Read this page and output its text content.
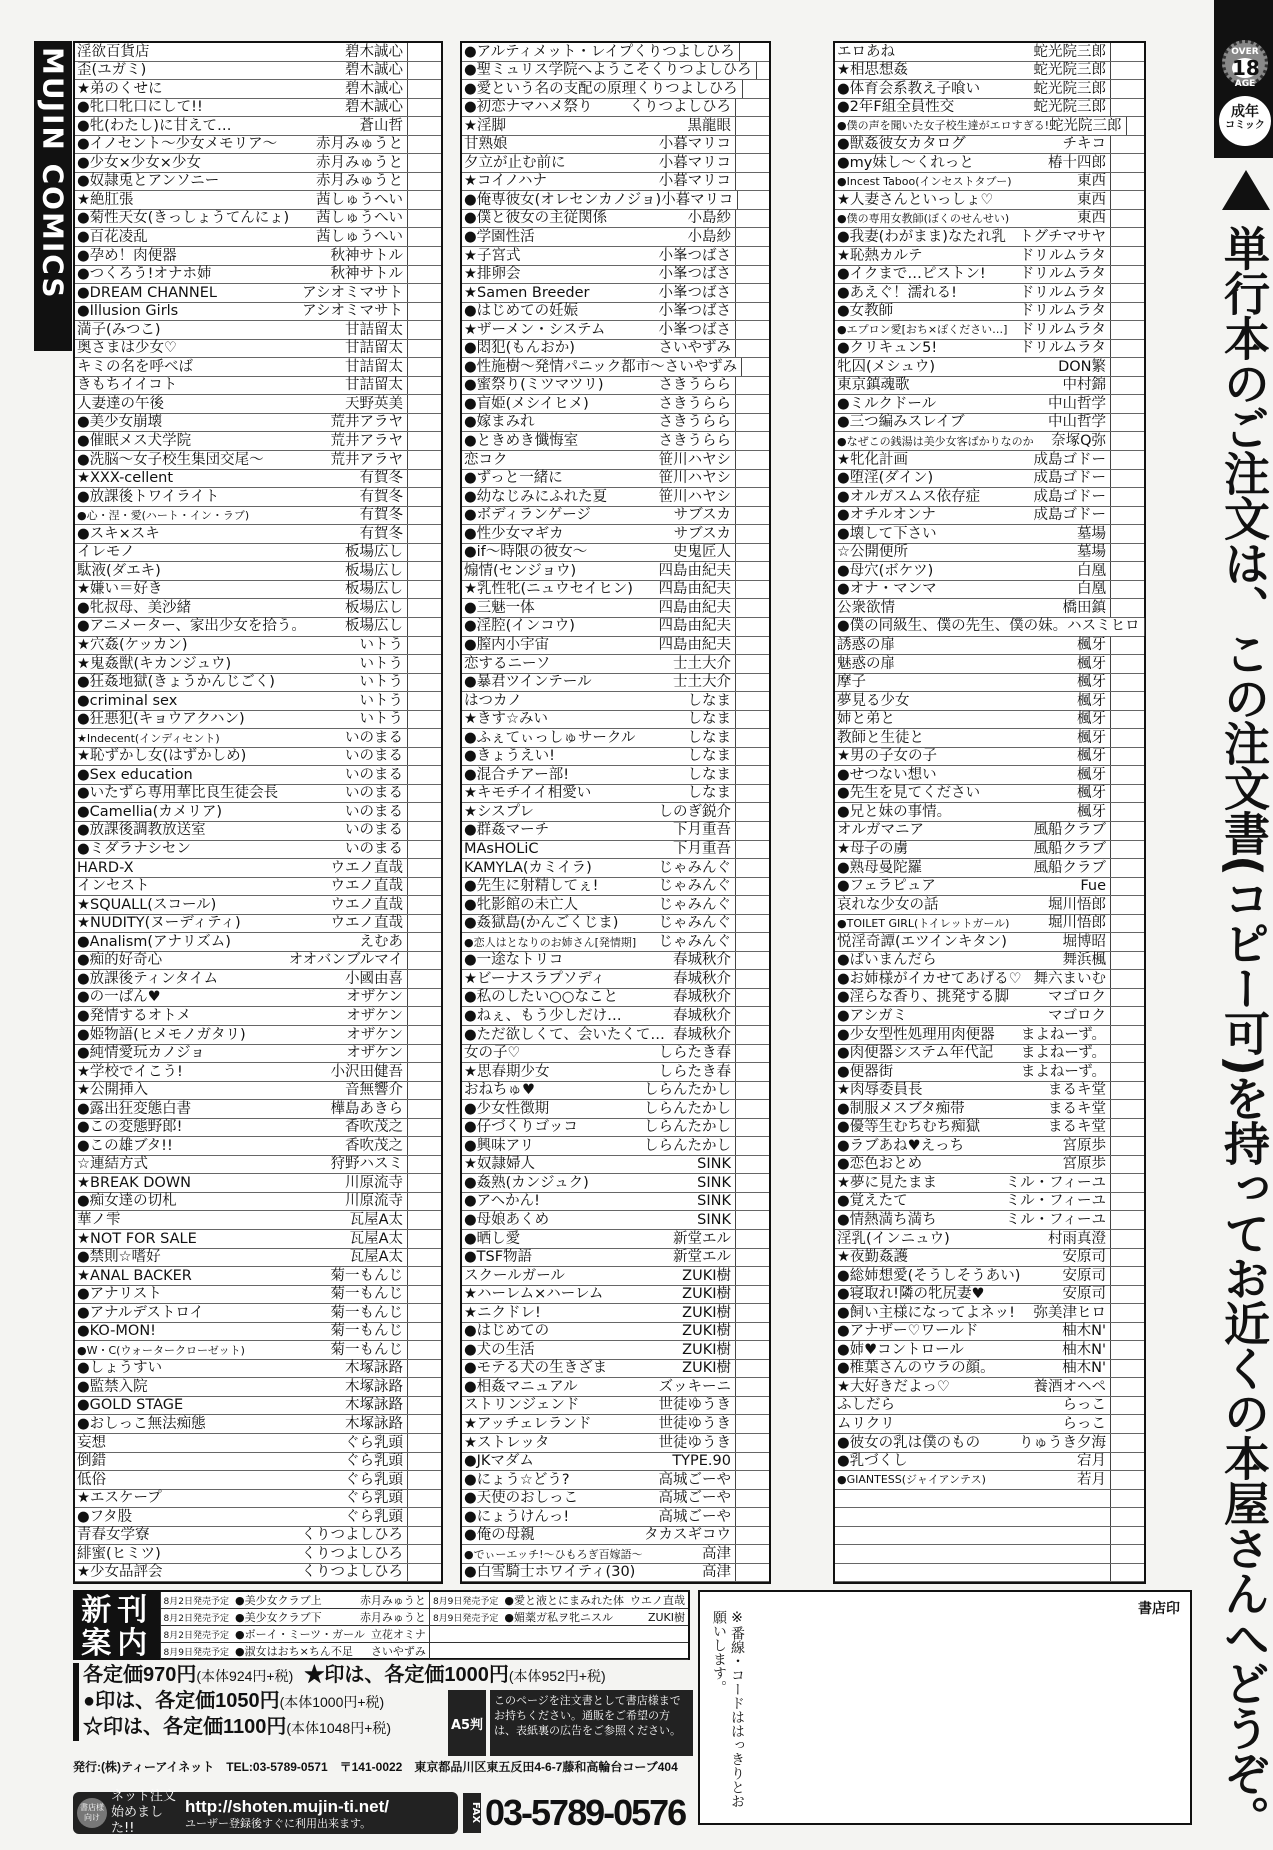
MUJIN COMICS 淫欲百貨店	碧木誠心
歪(ユガミ)	碧木誠心
★弟のくせに	碧木誠心
●牝口牝口にして!!	碧木誠心
●牝(わたし)に甘えて…	蒼山哲
●イノセント～少女メモリア～	赤月みゅうと
●少女×少女×少女	赤月みゅうと
●奴隷兎とアンソニー	赤月みゅうと
★絶肛張	茜しゅうへい
●菊性天女(きっしょうてんにょ)	茜しゅうへい
●百花凌乱	茜しゅうへい
●孕め！肉便器	秋神サトル
●つくろう!オナホ姉	秋神サトル
●DREAM CHANNEL	アシオミマサト
●Illusion Girls	アシオミマサト
満子(みつこ)	甘詰留太
奥さまは少女♡	甘詰留太
キミの名を呼べば	甘詰留太
きもちイイコト	甘詰留太
人妻達の午後	天野英美
●美少女崩壊	荒井アラヤ
●催眠メス犬学院	荒井アラヤ
●洗脳～女子校生集団交尾～	荒井アラヤ
★XXX-cellent	有賀冬
●放課後トワイライト	有賀冬
●心・涅・愛(ハート・イン・ラブ)	有賀冬
●スキ×スキ	有賀冬
イレモノ	板場広し
駄液(ダエキ)	板場広し
★嫌い＝好き	板場広し
●牝叔母、美沙緒	板場広し
●アニメーター、家出少女を拾う。	板場広し
★穴姦(ケッカン)	いトう
★鬼姦獣(キカンジュウ)	いトう
●狂姦地獄(きょうかんじごく)	いトう
●criminal sex	いトう
●狂悪犯(キョウアクハン)	いトう
★Indecent(インディセント)	いのまる
★恥ずかし女(はずかしめ)	いのまる
●Sex education	いのまる
●いたずら専用華比良生徒会長	いのまる
●Camellia(カメリア)	いのまる
●放課後調教放送室	いのまる
●ミダラナシセン	いのまる
HARD-X	ウエノ直哉
インセスト	ウエノ直哉
★SQUALL(スコール)	ウエノ直哉
★NUDITY(ヌーディティ)	ウエノ直哉
●Analism(アナリズム)	えむあ
●痴的好奇心	オオバンブルマイ
●放課後ティンタイム	小國由喜
●の一ぱん♥	オザケン
●発情するオトメ	オザケン
●姫物語(ヒメモノガタリ)	オザケン
●純情愛玩カノジョ	オザケン
★学校でイこう!	小沢田健吾
★公開挿入	音無響介
●露出狂変態白書	樺島あきら
●この変態野郎!	香吹茂之
●この雄ブタ!!	香吹茂之
☆連結方式	狩野ハスミ
★BREAK DOWN	川原流寺
●痴女達の切札	川原流寺
華ノ雫	瓦屋A太
★NOT FOR SALE	瓦屋A太
●禁則☆嗜好	瓦屋A太
★ANAL BACKER	菊一もんじ
●アナリスト	菊一もんじ
●アナルデストロイ	菊一もんじ
●KO-MON!	菊一もんじ
●W・C(ウォータークローゼット)	菊一もんじ
●しょうすい	木塚詠路
●監禁入院	木塚詠路
●GOLD STAGE	木塚詠路
●おしっこ無法痴態	木塚詠路
妄想	ぐら乳頭
倒錯	ぐら乳頭
低俗	ぐら乳頭
★エスケープ	ぐら乳頭
●フタ股	ぐら乳頭
青春女学寮	くりつよしひろ
緋蜜(ヒミツ)	くりつよしひろ
★少女品評会	くりつよしひろ
●アルティメット・レイプ くりつよしひろ
●聖ミュリス学院へようこそ くりつよしひろ
●愛という名の支配の原理 くりつよしひろ
●初恋ナマハメ祭り	くりつよしひろ
★淫脚	黒龍眼
甘熟娘	小暮マリコ
夕立が止む前に	小暮マリコ
★コイノハナ	小暮マリコ
●俺専彼女(オレセンカノジョ) 小暮マリコ
●僕と彼女の主従関係	小島紗
●学園性活	小島紗
★子宮式	小峯つばさ
★排卵会	小峯つばさ
★Samen Breeder	小峯つばさ
●はじめての妊娠	小峯つばさ
★ザーメン・システム	小峯つばさ
●悶犯(もんおか)	さいやずみ
●性施樹～発情パニック都市～ さいやずみ
●蜜祭り(ミツマツリ)	さきうらら
●盲姫(メシイヒメ)	さきうらら
●嫁まみれ	さきうらら
●ときめき懺悔室	さきうらら
恋コク	笹川ハヤシ
●ずっと一緒に	笹川ハヤシ
●幼なじみにふれた夏	笹川ハヤシ
●ボディランゲージ	サブスカ
●性少女マギカ	サブスカ
●if～時限の彼女～	史鬼匠人
煽情(センジョウ)	四島由紀夫
★乳性牝(ニュウセイヒン)	四島由紀夫
●三魅一体	四島由紀夫
●淫腔(インコウ)	四島由紀夫
●膣内小宇宙	四島由紀夫
恋するニーソ	士土大介
●暴君ツインテール	士土大介
はつカノ	しなま
★きす☆みい	しなま
●ふぇてぃっしゅサークル	しなま
●きょうえい!	しなま
●混合チアー部!	しなま
★キモチイイ相愛い	しなま
★シスプレ	しのぎ鋭介
●群姦マーチ	下月重吾
MAsHOLiC	下月重吾
KAMYLA(カミイラ)	じゃみんぐ
●先生に射精してぇ!	じゃみんぐ
●牝影館の未亡人	じゃみんぐ
●姦獄島(かんごくじま)	じゃみんぐ
●恋人はとなりのお姉さん[発情期]	じゃみんぐ
●一途なトリコ	春城秋介
★ビーナスラプソディ	春城秋介
●私のしたい○○なこと	春城秋介
●ねぇ、もう少しだけ…	春城秋介
●ただ欲しくて、会いたくて… 春城秋介
女の子♡	しらたき春
★思春期少女	しらたき春
おねちゅ♥	しらんたかし
●少女性徴期	しらんたかし
●仔づくりゴッコ	しらんたかし
●興味アリ	しらんたかし
★奴隷婦人	SINK
●姦熟(カンジュク)	SINK
●アヘかん!	SINK
●母娘あくめ	SINK
●晒し愛	新堂エル
●TSF物語	新堂エル
スクールガール	ZUKI樹
★ハーレム×ハーレム	ZUKI樹
★ニクドレ!	ZUKI樹
●はじめての	ZUKI樹
●犬の生活	ZUKI樹
●モテる犬の生きざま	ZUKI樹
●相姦マニュアル	ズッキーニ
ストリンジェンド	世徒ゆうき
★アッチェレランド	世徒ゆうき
★ストレッタ	世徒ゆうき
●JKマダム	TYPE.90
●にょう☆どう?	高城ごーや
●天使のおしっこ	高城ごーや
●にょうけんっ!	高城ごーや
●俺の母親	タカスギコウ
●でぃーエッチ!～ひもろぎ百嫁語～	高津
●白雪騎士ホワイティ(30)	高津
エロあね	蛇光院三郎
★相思想姦	蛇光院三郎
●体育会系教え子喰い	蛇光院三郎
●2年F組全員性交	蛇光院三郎
●僕の声を聞いた女子校生達がエロすぎる! 蛇光院三郎
●獣姦彼女カタログ	チキコ
●my妹し～くれっと	椿十四郎
●Incest Taboo(インセストタブー)	東西
★人妻さんといっしょ♡	東西
●僕の専用女教師(ぼくのせんせい)	東西
●我妻(わがまま)なたれ乳 トグチマサヤ
★恥熱カルテ	ドリルムラタ
●イクまで…ピストン!	ドリルムラタ
●あえぐ！濡れる!	ドリルムラタ
●女教師	ドリルムラタ
●エプロン愛[おち×ぽください…] ドリルムラタ
●クリキュン5!	ドリルムラタ
牝囚(メシュウ)	DON繁
東京鎮魂歌	中村錦
●ミルクドール	中山哲学
●三つ編みスレイブ	中山哲学
●なぜこの銭湯は美少女客ばかりなのか	奈塚Q弥
★牝化計画	成島ゴドー
●堕淫(ダイン)	成島ゴドー
●オルガスムス依存症	成島ゴドー
●オチルオンナ	成島ゴドー
●壊して下さい	墓場
☆公開便所	墓場
●母穴(ボケツ)	白凰
●オナ・マンマ	白凰
公衆欲情	橋田鎮
●僕の同級生、僕の先生、僕の妹。 ハスミヒロ
誘惑の扉	楓牙
魅惑の扉	楓牙
摩子	楓牙
夢見る少女	楓牙
姉と弟と	楓牙
教師と生徒と	楓牙
★男の子女の子	楓牙
●せつない想い	楓牙
●先生を見てください	楓牙
●兄と妹の事情。	楓牙
オルガマニア	風船クラブ
★母子の虜	風船クラブ
●熟母曼陀羅	風船クラブ
●フェラピュア	Fue
哀れな少女の話	堀川悟郎
●TOILET GIRL(トイレットガール)	堀川悟郎
悦淫奇譚(エツインキタン)	堀博昭
●ぱいまんだら	舞浜楓
●お姉様がイカせてあげる♡ 舞六まいむ
●淫らな香り、挑発する脚	マゴロク
●アシガミ	マゴロク
●少女型性処理用肉便器	まよねーず。
●肉便器システム年代記	まよねーず。
●便器街	まよねーず。
★肉辱委員長	まるキ堂
●制服メスブタ痴帯	まるキ堂
●優等生むちむち痴獄	まるキ堂
●ラブあね♥えっち	宮原歩
●恋色おとめ	宮原歩
★夢に見たまま	ミル・フィーユ
●覚えたて	ミル・フィーユ
●情熱満ち満ち	ミル・フィーユ
淫乳(インニュウ)	村雨真澄
★夜勤姦護	安原司
●総姉想愛(そうしそうあい)	安原司
●寝取れ!隣の牝尻妻♥	安原司
●飼い主様になってよネッ!	弥美津ヒロ
●アナザー♡ワールド	柚木N'
●姉♥コントロール	柚木N'
●椎葉さんのウラの顔。	柚木N'
★大好きだよっ♡	養酒オヘペ
ふしだら	らっこ
ムリクリ	らっこ
●彼女の乳は僕のもの	りゅうき夕海
●乳づくし	宕月
●GIANTESS(ジャイアンテス)	若月
OVER
18
AGE
成年
コミック
単行本のご注文は、この注文書(コピー可)を持ってお近くの本屋さんへどうぞ。
新刊案内
8月2日発売予定 ●美少女クラブ上	赤月みゅうと 8月9日発売予定 ●愛と液とにまみれた体 ウエノ直哉
8月2日発売予定 ●美少女クラブ下	赤月みゅうと 8月9日発売予定 ●媚薬ガ私ヲ牝ニスル	ZUKI樹
8月2日発売予定 ●ボーイ・ミーツ・ガール 立花オミナ
8月9日発売予定 ●淑女はおち×ちん不足	さいやずみ
各定価970円(本体924円+税) ★印は、各定価1000円(本体952円+税)
●印は、各定価1050円(本体1000円+税)
☆印は、各定価1100円(本体1048円+税)	A5判
このページを注文書として書店様までお持ちください。通販をご希望の方は、表紙裏の広告をご参照ください。
発行:(株)ティーアイネット TEL:03-5789-0571 〒141-0022 東京都品川区東五反田4-6-7藤和高輪台コーブ404
書店様向け
ネット注文始めました!!
http://shoten.mujin-ti.net/
ユーザー登録後すぐに利用出来ます。	FAX 03-5789-0576
書店印
※番線・コードははっきりとお願いします。
